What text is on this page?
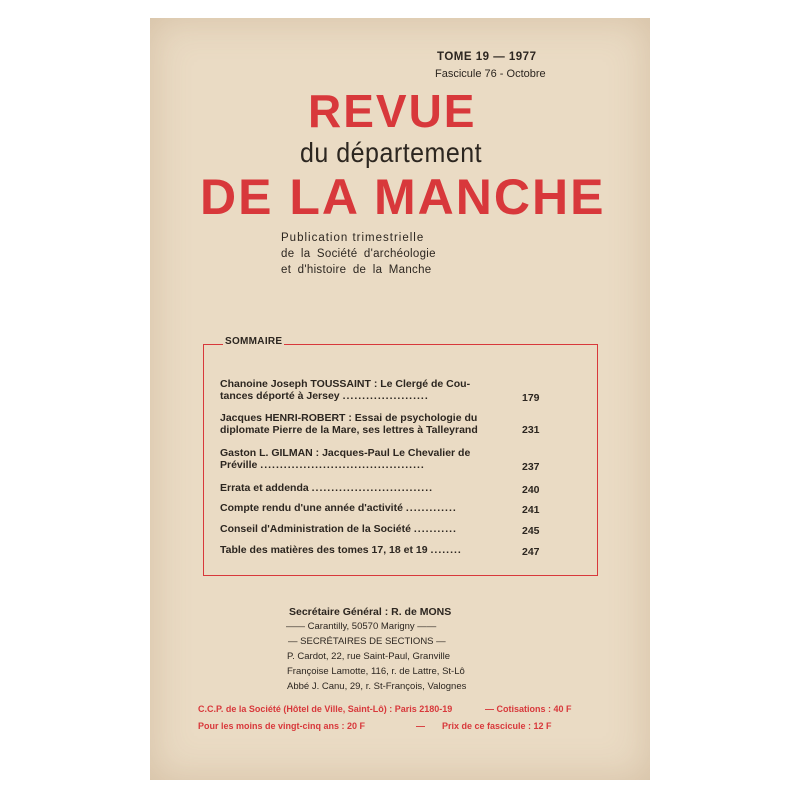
TOME 19 — 1977
Fascicule 76 - Octobre
REVUE
du département
DE LA MANCHE
Publication trimestrielle
de la Société d'archéologie
et d'histoire de la Manche
SOMMAIRE
Chanoine Joseph TOUSSAINT : Le Clergé de Cou-
tances déporté à Jersey ......................	179
Jacques HENRI-ROBERT : Essai de psychologie du
diplomate Pierre de la Mare, ses lettres à Talleyrand	231
Gaston L. GILMAN : Jacques-Paul Le Chevalier de
Préville ..........................................	237
Errata et addenda ...............................	240
Compte rendu d'une année d'activité .............	241
Conseil d'Administration de la Société ...........	245
Table des matières des tomes 17, 18 et 19 ........	247
Secrétaire Général : R. de MONS
—— Carantilly, 50570 Marigny ——
— SECRÉTAIRES DE SECTIONS —
P. Cardot, 22, rue Saint-Paul, Granville
Françoise Lamotte, 116, r. de Lattre, St-Lô
Abbé J. Canu, 29, r. St-François, Valognes
C.C.P. de la Société (Hôtel de Ville, Saint-Lô) : Paris 2180-19	— Cotisations : 40 F
Pour les moins de vingt-cinq ans : 20 F	— Prix de ce fascicule : 12 F
